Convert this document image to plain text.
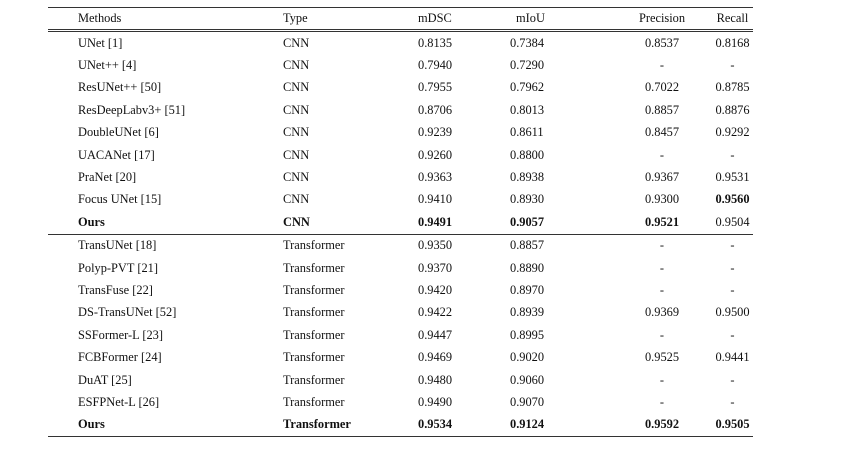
Methods	Type	mDSC	mIoU	Precision	Recall
UNet [1]	CNN	0.8135	0.7384	0.8537	0.8168
UNet++ [4]	CNN	0.7940	0.7290	-	-
ResUNet++ [50]	CNN	0.7955	0.7962	0.7022	0.8785
ResDeepLabv3+ [51]	CNN	0.8706	0.8013	0.8857	0.8876
DoubleUNet [6]	CNN	0.9239	0.8611	0.8457	0.9292
UACANet [17]	CNN	0.9260	0.8800	-	-
PraNet [20]	CNN	0.9363	0.8938	0.9367	0.9531
Focus UNet [15]	CNN	0.9410	0.8930	0.9300	0.9560
Ours	CNN	0.9491	0.9057	0.9521	0.9504
TransUNet [18]	Transformer	0.9350	0.8857	-	-
Polyp-PVT [21]	Transformer	0.9370	0.8890	-	-
TransFuse [22]	Transformer	0.9420	0.8970	-	-
DS-TransUNet [52]	Transformer	0.9422	0.8939	0.9369	0.9500
SSFormer-L [23]	Transformer	0.9447	0.8995	-	-
FCBFormer [24]	Transformer	0.9469	0.9020	0.9525	0.9441
DuAT [25]	Transformer	0.9480	0.9060	-	-
ESFPNet-L [26]	Transformer	0.9490	0.9070	-	-
Ours	Transformer	0.9534	0.9124	0.9592	0.9505
